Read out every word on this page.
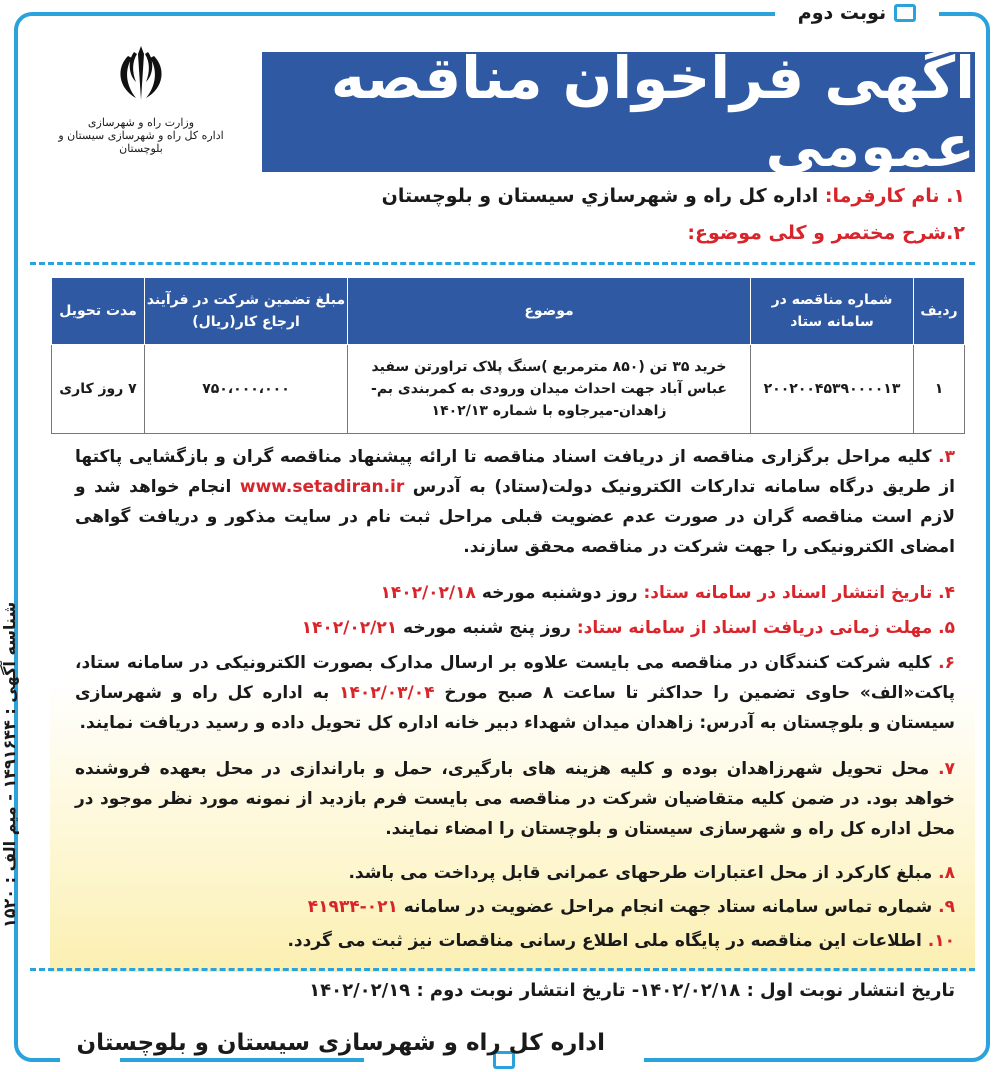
نوبت دوم
شناسه آگهی : ۱۴۹۱۶۴۴ - میم الف : ۱۵۲۰
وزارت راه و شهرسازی
اداره کل راه و شهرسازی سیستان و بلوچستان
آگهی فراخوان مناقصه عمومی
۱. نام کارفرما: اداره کل راه و شهرسازي سيستان و بلوچستان
۲.شرح مختصر و کلی موضوع:
ردیف	شماره مناقصه در سامانه ستاد	موضوع	مبلغ تضمین شرکت در فرآیند ارجاع کار(ریال)	مدت تحویل
۱	۲۰۰۲۰۰۴۵۳۹۰۰۰۰۱۳	خرید ۳۵ تن (۸۵۰ مترمربع )سنگ پلاک تراورتن سفید عباس آباد جهت احداث میدان ورودی به کمربندی بم-زاهدان-میرجاوه با شماره ۱۴۰۲/۱۳	۷۵۰،۰۰۰،۰۰۰	۷ روز کاری
۳. کلیه مراحل برگزاری مناقصه از دریافت اسناد مناقصه تا ارائه پیشنهاد مناقصه گران و بازگشایی پاکتها از طریق درگاه سامانه تدارکات الکترونیک دولت(ستاد) به آدرس www.setadiran.ir انجام خواهد شد و لازم است مناقصه گران در صورت عدم عضویت قبلی مراحل ثبت نام در سایت مذکور و دریافت گواهی امضای الکترونیکی را جهت شرکت در مناقصه محقق سازند.
۴. تاریخ انتشار اسناد در سامانه ستاد: روز دوشنبه مورخه ۱۴۰۲/۰۲/۱۸
۵. مهلت زمانی دریافت اسناد از سامانه ستاد: روز پنج شنبه مورخه ۱۴۰۲/۰۲/۲۱
۶. کلیه شرکت کنندگان در مناقصه می بایست علاوه بر ارسال مدارک بصورت الکترونیکی در سامانه ستاد، پاکت«الف» حاوی تضمین را حداکثر تا ساعت ۸ صبح مورخ ۱۴۰۲/۰۳/۰۴ به اداره کل راه و شهرسازی سیستان و بلوچستان به آدرس: زاهدان میدان شهداء دبیر خانه اداره کل تحویل داده و رسید دریافت نمایند.
۷. محل تحویل شهرزاهدان بوده و کلیه هزینه های بارگیری، حمل و باراندازی در محل بعهده فروشنده خواهد بود. در ضمن کلیه متقاضیان شرکت در مناقصه می بایست فرم بازدید از نمونه مورد نظر موجود در محل اداره کل راه و شهرسازی سیستان و بلوچستان را امضاء نمایند.
۸. مبلغ کارکرد از محل اعتبارات طرحهای عمرانی قابل پرداخت می باشد.
۹. شماره تماس سامانه ستاد جهت انجام مراحل عضویت در سامانه ۰۲۱-۴۱۹۳۴
۱۰. اطلاعات این مناقصه در پایگاه ملی اطلاع رسانی مناقصات نیز ثبت می گردد.
تاریخ انتشار نوبت اول : ۱۴۰۲/۰۲/۱۸- تاریخ انتشار نوبت دوم : ۱۴۰۲/۰۲/۱۹
اداره کل راه و شهرسازی سیستان و بلوچستان
